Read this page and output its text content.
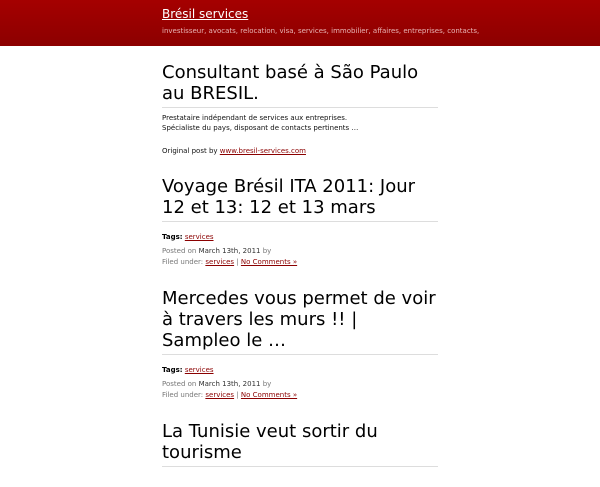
Brésil services
investisseur, avocats, relocation, visa, services, immobilier, affaires, entreprises, contacts,
Consultant basé à São Paulo au BRESIL.

Prestataire indépendant de services aux entreprises.

Spécialiste du pays, disposant de contacts pertinents …

Original post by www.bresil-services.com

Voyage Brésil ITA 2011: Jour 12 et 13: 12 et 13 mars
Tags: services
Posted on March 13th, 2011 by
Filed under: services | No Comments »
Mercedes vous permet de voir à travers les murs !! | Sampleo le …
Tags: services
Posted on March 13th, 2011 by
Filed under: services | No Comments »
La Tunisie veut sortir du tourisme
